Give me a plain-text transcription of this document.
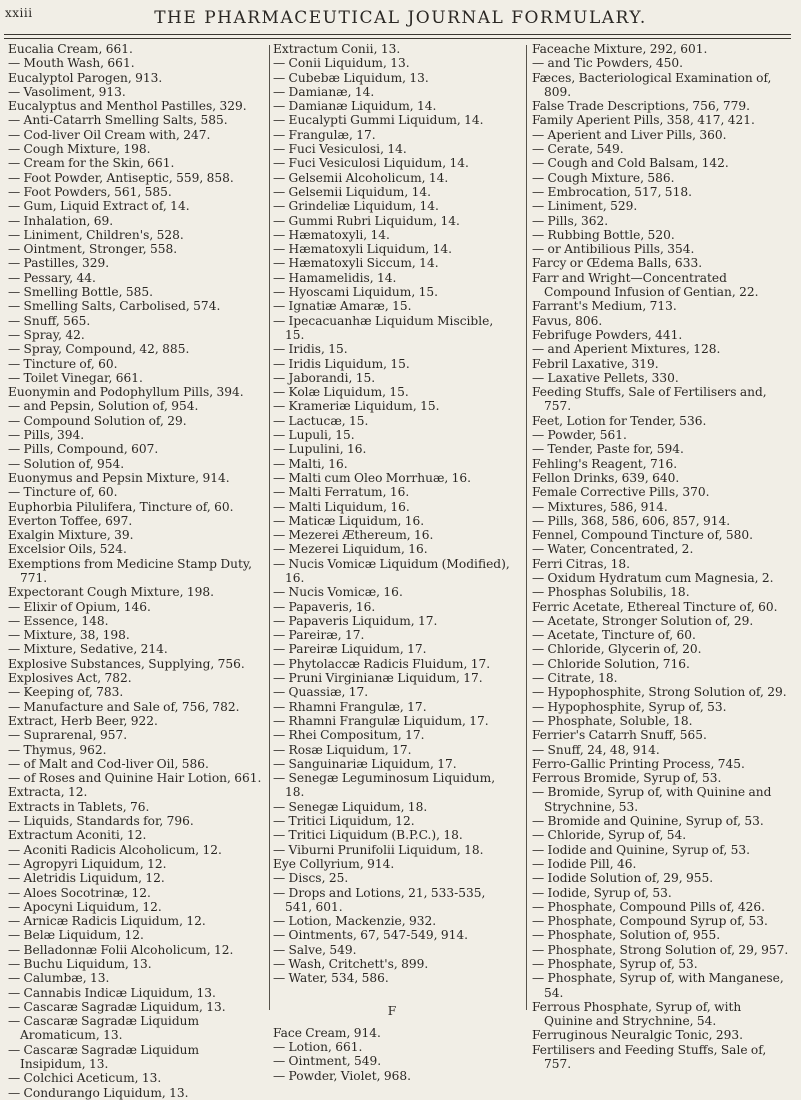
xxiii	THE PHARMACEUTICAL JOURNAL FORMULARY.
Eucalia Cream, 661.
— Mouth Wash, 661.
Eucalyptol Parogen, 913.
— Vasoliment, 913.
Eucalyptus and Menthol Pastilles, 329.
— Anti-Catarrh Smelling Salts, 585.
— Cod-liver Oil Cream with, 247.
— Cough Mixture, 198.
— Cream for the Skin, 661.
— Foot Powder, Antiseptic, 559, 858.
— Foot Powders, 561, 585.
— Gum, Liquid Extract of, 14.
— Inhalation, 69.
— Liniment, Children's, 528.
— Ointment, Stronger, 558.
— Pastilles, 329.
— Pessary, 44.
— Smelling Bottle, 585.
— Smelling Salts, Carbolised, 574.
— Snuff, 565.
— Spray, 42.
— Spray, Compound, 42, 885.
— Tincture of, 60.
— Toilet Vinegar, 661.
Euonymin and Podophyllum Pills, 394.
— and Pepsin, Solution of, 954.
— Compound Solution of, 29.
— Pills, 394.
— Pills, Compound, 607.
— Solution of, 954.
Euonymus and Pepsin Mixture, 914.
— Tincture of, 60.
Euphorbia Pilulifera, Tincture of, 60.
Everton Toffee, 697.
Exalgin Mixture, 39.
Excelsior Oils, 524.
Exemptions from Medicine Stamp Duty, 771.
Expectorant Cough Mixture, 198.
— Elixir of Opium, 146.
— Essence, 148.
— Mixture, 38, 198.
— Mixture, Sedative, 214.
Explosive Substances, Supplying, 756.
Explosives Act, 782.
— Keeping of, 783.
— Manufacture and Sale of, 756, 782.
Extract, Herb Beer, 922.
— Suprarenal, 957.
— Thymus, 962.
— of Malt and Cod-liver Oil, 586.
— of Roses and Quinine Hair Lotion, 661.
Extracta, 12.
Extracts in Tablets, 76.
— Liquids, Standards for, 796.
Extractum Aconiti, 12.
— Aconiti Radicis Alcoholicum, 12.
— Agropyri Liquidum, 12.
— Aletridis Liquidum, 12.
— Aloes Socotrinæ, 12.
— Apocyni Liquidum, 12.
— Arnicæ Radicis Liquidum, 12.
— Belæ Liquidum, 12.
— Belladonnæ Folii Alcoholicum, 12.
— Buchu Liquidum, 13.
— Calumbæ, 13.
— Cannabis Indicæ Liquidum, 13.
— Cascaræ Sagradæ Liquidum, 13.
— Cascaræ Sagradæ Liquidum Aromaticum, 13.
— Cascaræ Sagradæ Liquidum Insipidum, 13.
— Colchici Aceticum, 13.
— Condurango Liquidum, 13.
Extractum Conii, 13.
— Conii Liquidum, 13.
— Cubebæ Liquidum, 13.
— Damianæ, 14.
— Damianæ Liquidum, 14.
— Eucalypti Gummi Liquidum, 14.
— Frangulæ, 17.
— Fuci Vesiculosi, 14.
— Fuci Vesiculosi Liquidum, 14.
— Gelsemii Alcoholicum, 14.
— Gelsemii Liquidum, 14.
— Grindeliæ Liquidum, 14.
— Gummi Rubri Liquidum, 14.
— Hæmatoxyli, 14.
— Hæmatoxyli Liquidum, 14.
— Hæmatoxyli Siccum, 14.
— Hamamelidis, 14.
— Hyoscami Liquidum, 15.
— Ignatiæ Amaræ, 15.
— Ipecacuanhæ Liquidum Miscible, 15.
— Iridis, 15.
— Iridis Liquidum, 15.
— Jaborandi, 15.
— Kolæ Liquidum, 15.
— Krameriæ Liquidum, 15.
— Lactucæ, 15.
— Lupuli, 15.
— Lupulini, 16.
— Malti, 16.
— Malti cum Oleo Morrhuæ, 16.
— Malti Ferratum, 16.
— Malti Liquidum, 16.
— Maticæ Liquidum, 16.
— Mezerei Æthereum, 16.
— Mezerei Liquidum, 16.
— Nucis Vomicæ Liquidum (Modified), 16.
— Nucis Vomicæ, 16.
— Papaveris, 16.
— Papaveris Liquidum, 17.
— Pareiræ, 17.
— Pareiræ Liquidum, 17.
— Phytolaccæ Radicis Fluidum, 17.
— Pruni Virginianæ Liquidum, 17.
— Quassiæ, 17.
— Rhamni Frangulæ, 17.
— Rhamni Frangulæ Liquidum, 17.
— Rhei Compositum, 17.
— Rosæ Liquidum, 17.
— Sanguinariæ Liquidum, 17.
— Senegæ Leguminosum Liquidum, 18.
— Senegæ Liquidum, 18.
— Tritici Liquidum, 12.
— Tritici Liquidum (B.P.C.), 18.
— Viburni Prunifolii Liquidum, 18.
Eye Collyrium, 914.
— Discs, 25.
— Drops and Lotions, 21, 533-535, 541, 601.
— Lotion, Mackenzie, 932.
— Ointments, 67, 547-549, 914.
— Salve, 549.
— Wash, Critchett's, 899.
— Water, 534, 586.
F
Face Cream, 914.
— Lotion, 661.
— Ointment, 549.
— Powder, Violet, 968.
Faceache Mixture, 292, 601.
— and Tic Powders, 450.
Fæces, Bacteriological Examination of, 809.
False Trade Descriptions, 756, 779.
Family Aperient Pills, 358, 417, 421.
— Aperient and Liver Pills, 360.
— Cerate, 549.
— Cough and Cold Balsam, 142.
— Cough Mixture, 586.
— Embrocation, 517, 518.
— Liniment, 529.
— Pills, 362.
— Rubbing Bottle, 520.
— or Antibilious Pills, 354.
Farcy or Œdema Balls, 633.
Farr and Wright—Concentrated Compound Infusion of Gentian, 22.
Farrant's Medium, 713.
Favus, 806.
Febrifuge Powders, 441.
— and Aperient Mixtures, 128.
Febril Laxative, 319.
— Laxative Pellets, 330.
Feeding Stuffs, Sale of Fertilisers and, 757.
Feet, Lotion for Tender, 536.
— Powder, 561.
— Tender, Paste for, 594.
Fehling's Reagent, 716.
Fellon Drinks, 639, 640.
Female Corrective Pills, 370.
— Mixtures, 586, 914.
— Pills, 368, 586, 606, 857, 914.
Fennel, Compound Tincture of, 580.
— Water, Concentrated, 2.
Ferri Citras, 18.
— Oxidum Hydratum cum Magnesia, 2.
— Phosphas Solubilis, 18.
Ferric Acetate, Ethereal Tincture of, 60.
— Acetate, Stronger Solution of, 29.
— Acetate, Tincture of, 60.
— Chloride, Glycerin of, 20.
— Chloride Solution, 716.
— Citrate, 18.
— Hypophosphite, Strong Solution of, 29.
— Hypophosphite, Syrup of, 53.
— Phosphate, Soluble, 18.
Ferrier's Catarrh Snuff, 565.
— Snuff, 24, 48, 914.
Ferro-Gallic Printing Process, 745.
Ferrous Bromide, Syrup of, 53.
— Bromide, Syrup of, with Quinine and Strychnine, 53.
— Bromide and Quinine, Syrup of, 53.
— Chloride, Syrup of, 54.
— Iodide and Quinine, Syrup of, 53.
— Iodide Pill, 46.
— Iodide Solution of, 29, 955.
— Iodide, Syrup of, 53.
— Phosphate, Compound Pills of, 426.
— Phosphate, Compound Syrup of, 53.
— Phosphate, Solution of, 955.
— Phosphate, Strong Solution of, 29, 957.
— Phosphate, Syrup of, 53.
— Phosphate, Syrup of, with Manganese, 54.
Ferrous Phosphate, Syrup of, with Quinine and Strychnine, 54.
Ferruginous Neuralgic Tonic, 293.
Fertilisers and Feeding Stuffs, Sale of, 757.
